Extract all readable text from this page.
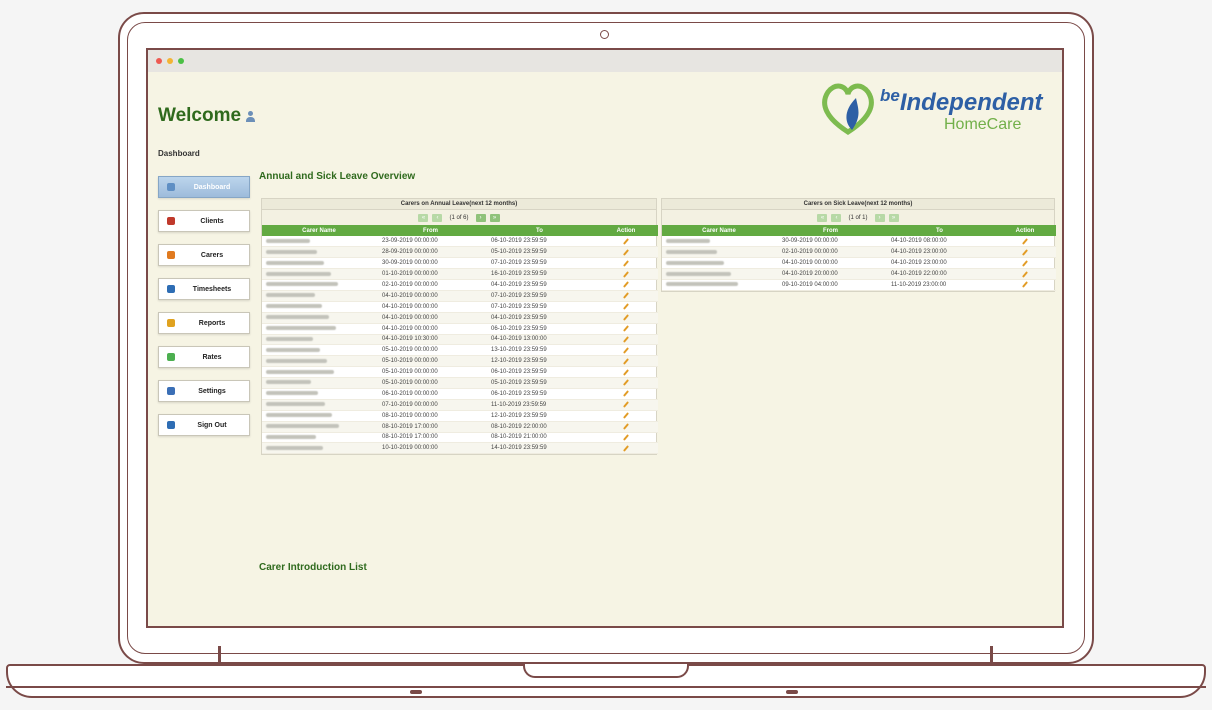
Welcome
Dashboard
$^{be}$Independent
HomeCare
Dashboard
Clients
Carers
Timesheets
Reports
Rates
Settings
Sign Out
Annual and Sick Leave Overview
Carers on Annual Leave(next 12 months)
«	‹	(1 of 6)	›	»
Carer Name	From	To	Action
	23-09-2019 00:00:00	06-10-2019 23:59:59	
	28-09-2019 00:00:00	05-10-2019 23:59:59	
	30-09-2019 00:00:00	07-10-2019 23:59:59	
	01-10-2019 00:00:00	16-10-2019 23:59:59	
	02-10-2019 00:00:00	04-10-2019 23:59:59	
	04-10-2019 00:00:00	07-10-2019 23:59:59	
	04-10-2019 00:00:00	07-10-2019 23:59:59	
	04-10-2019 00:00:00	04-10-2019 23:59:59	
	04-10-2019 00:00:00	06-10-2019 23:59:59	
	04-10-2019 10:30:00	04-10-2019 13:00:00	
	05-10-2019 00:00:00	13-10-2019 23:59:59	
	05-10-2019 00:00:00	12-10-2019 23:59:59	
	05-10-2019 00:00:00	06-10-2019 23:59:59	
	05-10-2019 00:00:00	05-10-2019 23:59:59	
	06-10-2019 00:00:00	06-10-2019 23:59:59	
	07-10-2019 00:00:00	11-10-2019 23:59:59	
	08-10-2019 00:00:00	12-10-2019 23:59:59	
	08-10-2019 17:00:00	08-10-2019 22:00:00	
	08-10-2019 17:00:00	08-10-2019 21:00:00	
	10-10-2019 00:00:00	14-10-2019 23:59:59	
Carers on Sick Leave(next 12 months)
«	‹	(1 of 1)	›	»
Carer Name	From	To	Action
	30-09-2019 00:00:00	04-10-2019 08:00:00	
	02-10-2019 00:00:00	04-10-2019 23:00:00	
	04-10-2019 00:00:00	04-10-2019 23:00:00	
	04-10-2019 20:00:00	04-10-2019 22:00:00	
	09-10-2019 04:00:00	11-10-2019 23:00:00	
Carer Introduction List
